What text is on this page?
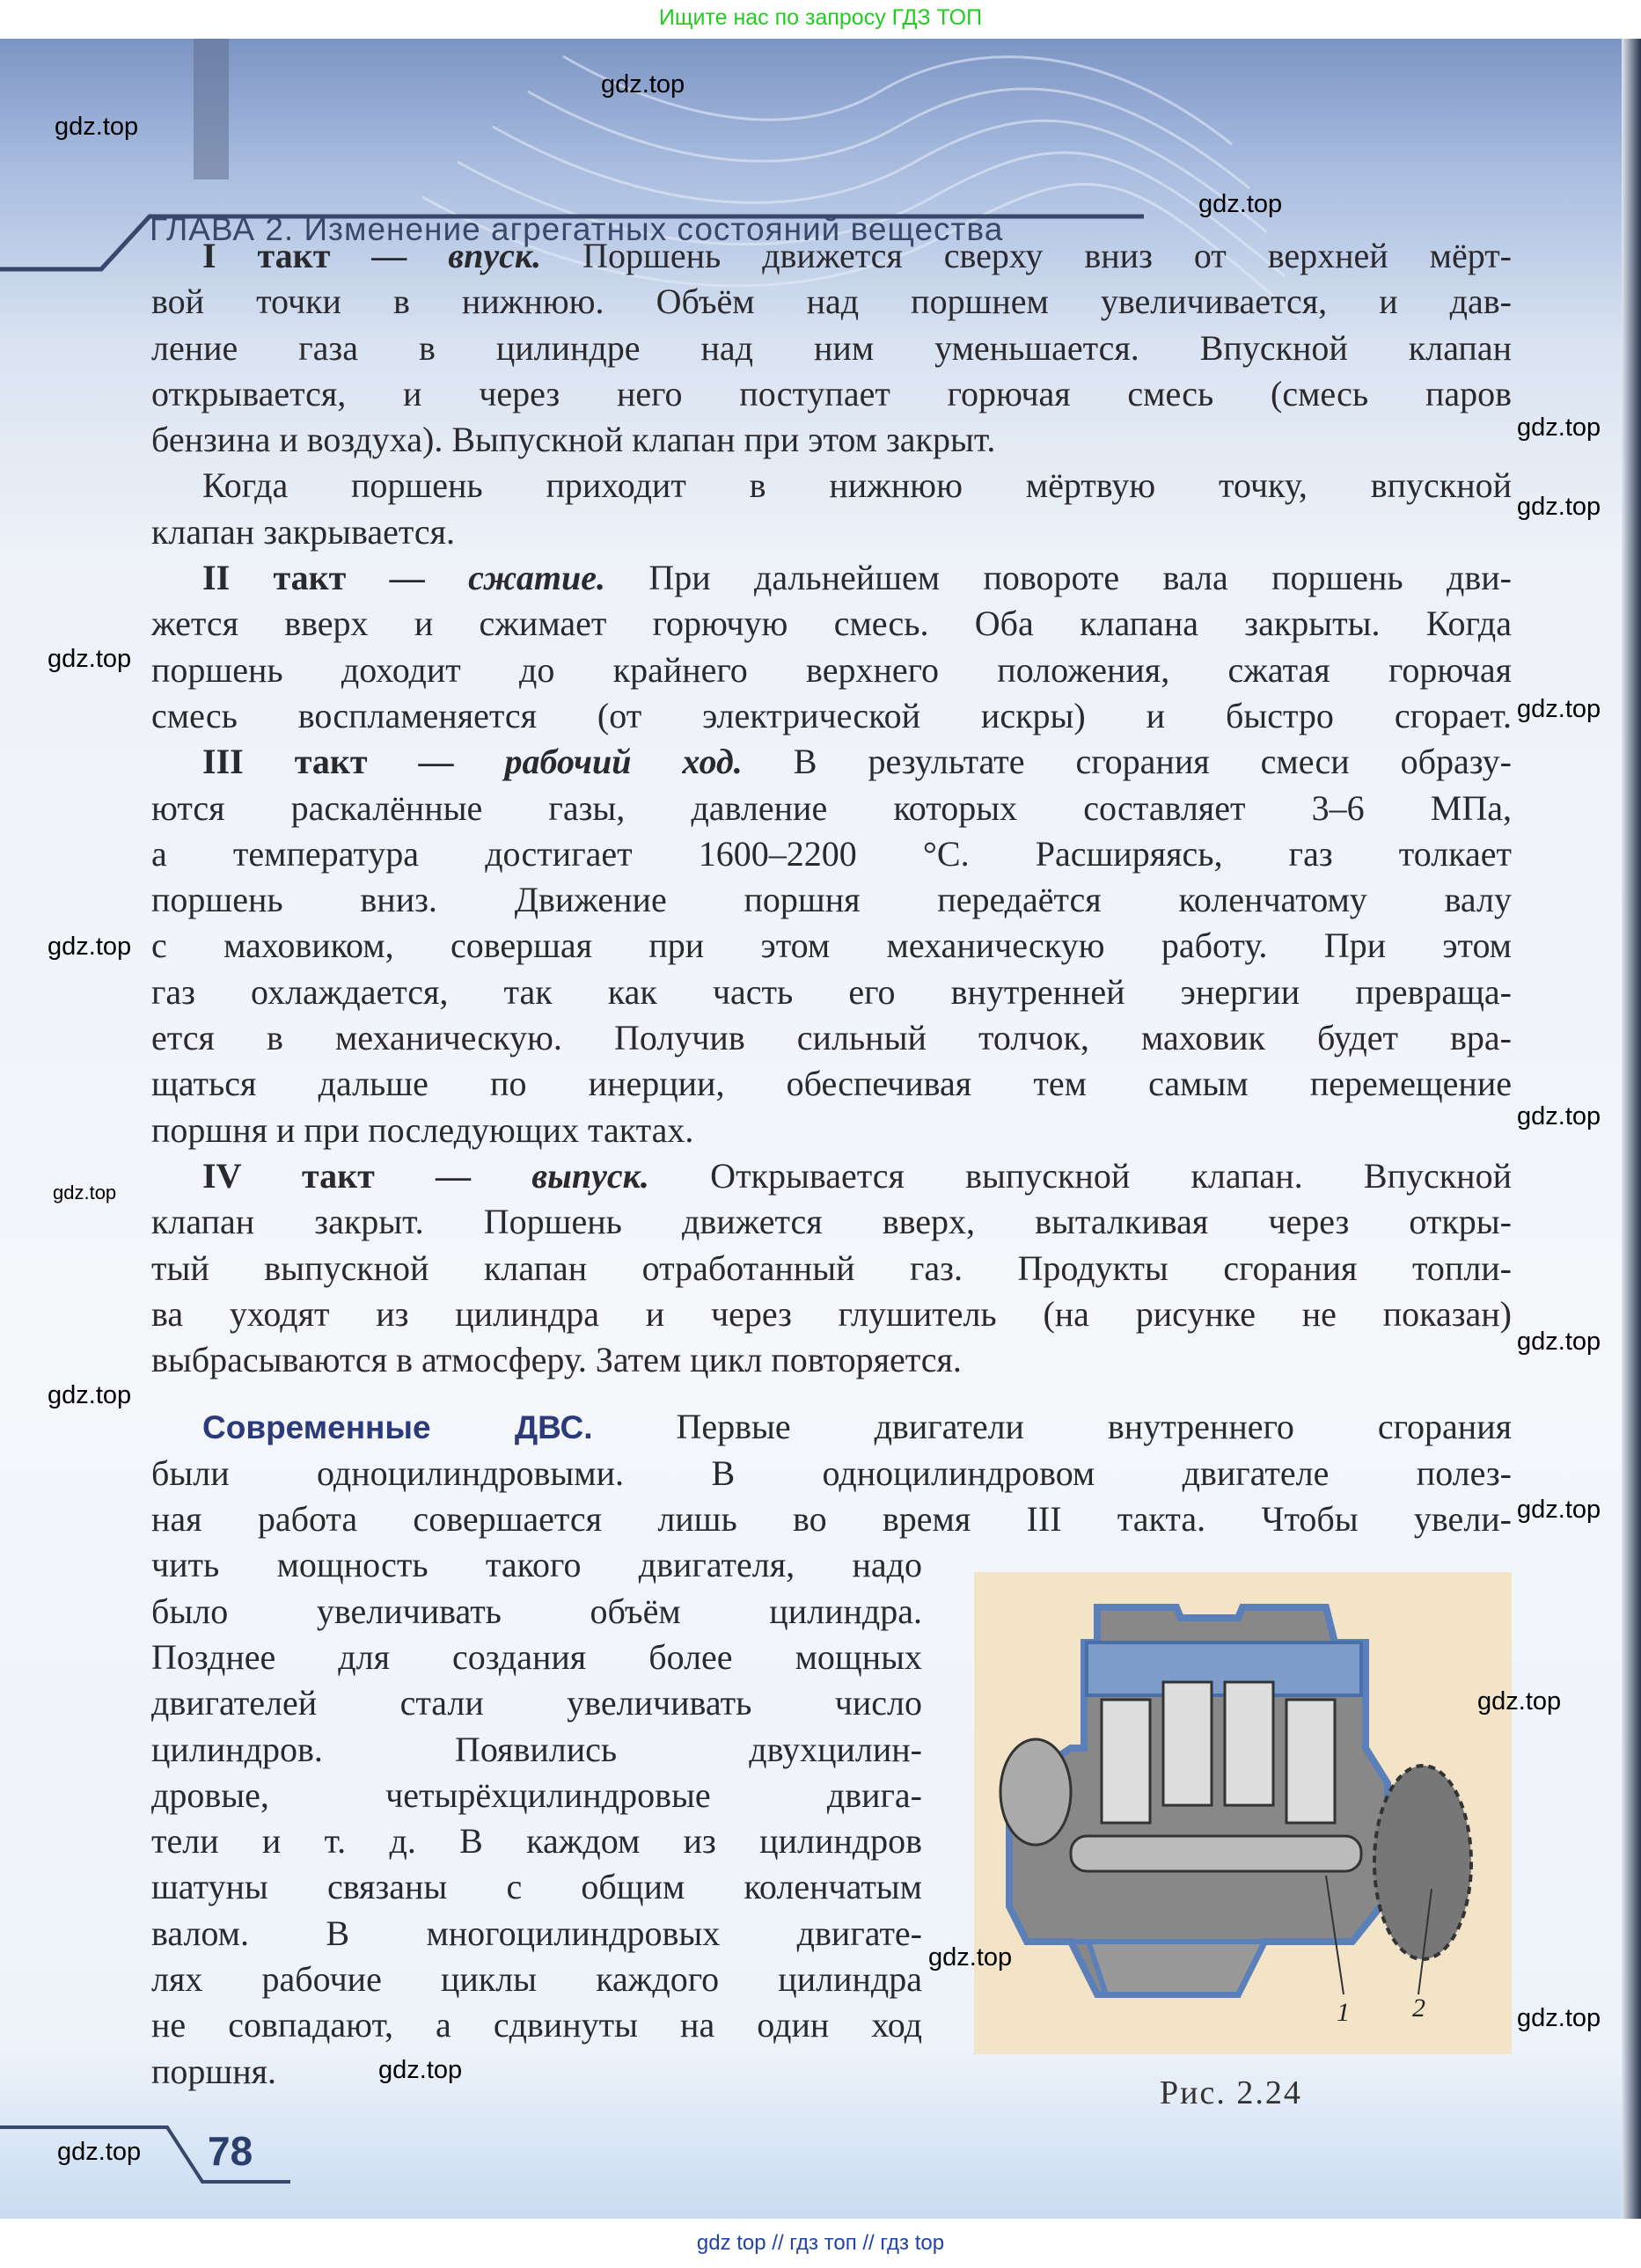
Ищите нас по запросу ГДЗ ТОП
ГЛАВА 2. Изменение агрегатных состояний вещества
I такт — впуск. Поршень движется сверху вниз от верхней мёрт-
вой точки в нижнюю. Объём над поршнем увеличивается, и дав-
ление газа в цилиндре над ним уменьшается. Впускной клапан
открывается, и через него поступает горючая смесь (смесь паров
бензина и воздуха). Выпускной клапан при этом закрыт.
Когда поршень приходит в нижнюю мёртвую точку, впускной
клапан закрывается.
II такт — сжатие. При дальнейшем повороте вала поршень дви-
жется вверх и сжимает горючую смесь. Оба клапана закрыты. Когда
поршень доходит до крайнего верхнего положения, сжатая горючая
смесь воспламеняется (от электрической искры) и быстро сгорает.
III такт — рабочий ход. В результате сгорания смеси образу-
ются раскалённые газы, давление которых составляет 3–6 МПа,
а температура достигает 1600–2200 °С. Расширяясь, газ толкает
поршень вниз. Движение поршня передаётся коленчатому валу
с маховиком, совершая при этом механическую работу. При этом
газ охлаждается, так как часть его внутренней энергии превраща-
ется в механическую. Получив сильный толчок, маховик будет вра-
щаться дальше по инерции, обеспечивая тем самым перемещение
поршня и при последующих тактах.
IV такт — выпуск. Открывается выпускной клапан. Впускной
клапан закрыт. Поршень движется вверх, выталкивая через откры-
тый выпускной клапан отработанный газ. Продукты сгорания топли-
ва уходят из цилиндра и через глушитель (на рисунке не показан)
выбрасываются в атмосферу. Затем цикл повторяется.
Современные ДВС. Первые двигатели внутреннего сгорания
были одноцилиндровыми. В одноцилиндровом двигателе полез-
ная работа совершается лишь во время III такта. Чтобы увели-
чить мощность такого двигателя, надо
было увеличивать объём цилиндра.
Позднее для создания более мощных
двигателей стали увеличивать число
цилиндров. Появились двухцилин-
дровые, четырёхцилиндровые двига-
тели и т. д. В каждом из цилиндров
шатуны связаны с общим коленчатым
валом. В многоцилиндровых двигате-
лях рабочие циклы каждого цилиндра
не совпадают, а сдвинуты на один ход
поршня.
1 2
Рис. 2.24
78
gdz.top
gdz.top
gdz.top
gdz.top
gdz.top
gdz.top
gdz.top
gdz.top
gdz.top
gdz.top
gdz.top
gdz.top
gdz.top
gdz.top
gdz.top
gdz.top
gdz.top
gdz.top
gdz top // гдз топ // гдз top
